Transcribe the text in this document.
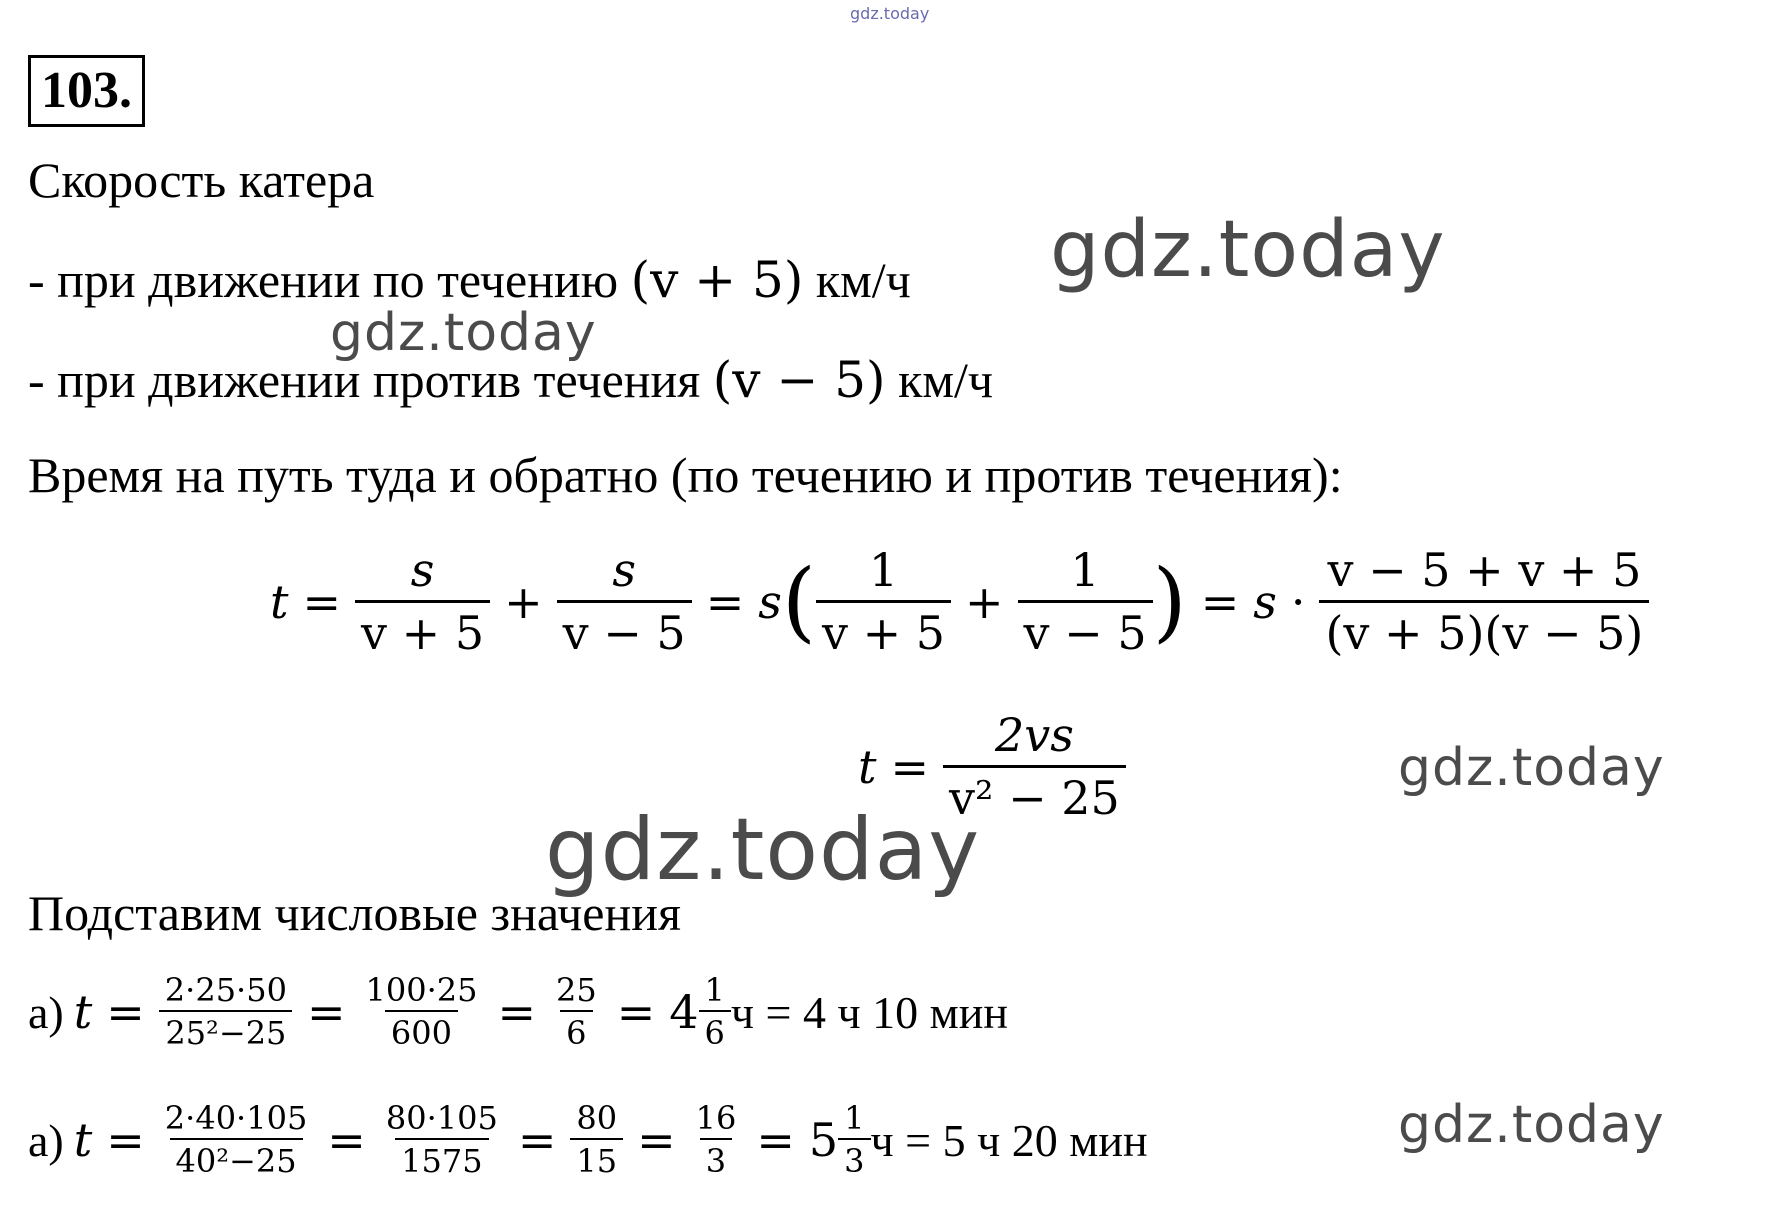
gdz.today
gdz.today
gdz.today
gdz.today
gdz.today
gdz.today
103.
Скорость катера
- при движении по течению (v + 5) км/ч
- при движении против течения (v − 5) км/ч
Время на путь туда и обратно (по течению и против течения):
$t = \frac{s}{v + 5} + \frac{s}{v - 5} = s$ ( $\frac{1}{v + 5} + \frac{1}{v - 5}$ ) = $s \cdot \frac{v - 5 + v + 5}{(v + 5)(v - 5)}$
$t = \frac{2vs}{\text{v² − 25}}$
Подставим числовые значения
а) $t = \frac{2\cdot 25\cdot 50}{\text{25²−25}} = \frac{100\cdot 25}{600} = \frac{25}{6} = 4 \frac{1}{6}$ ч = 4 ч 10 мин
а) $t = \frac{2\cdot 40\cdot 105}{\text{40²−25}} = \frac{80\cdot 105}{1575} = \frac{80}{15} = \frac{16}{3} = 5 \frac{1}{3}$ ч = 5 ч 20 мин
